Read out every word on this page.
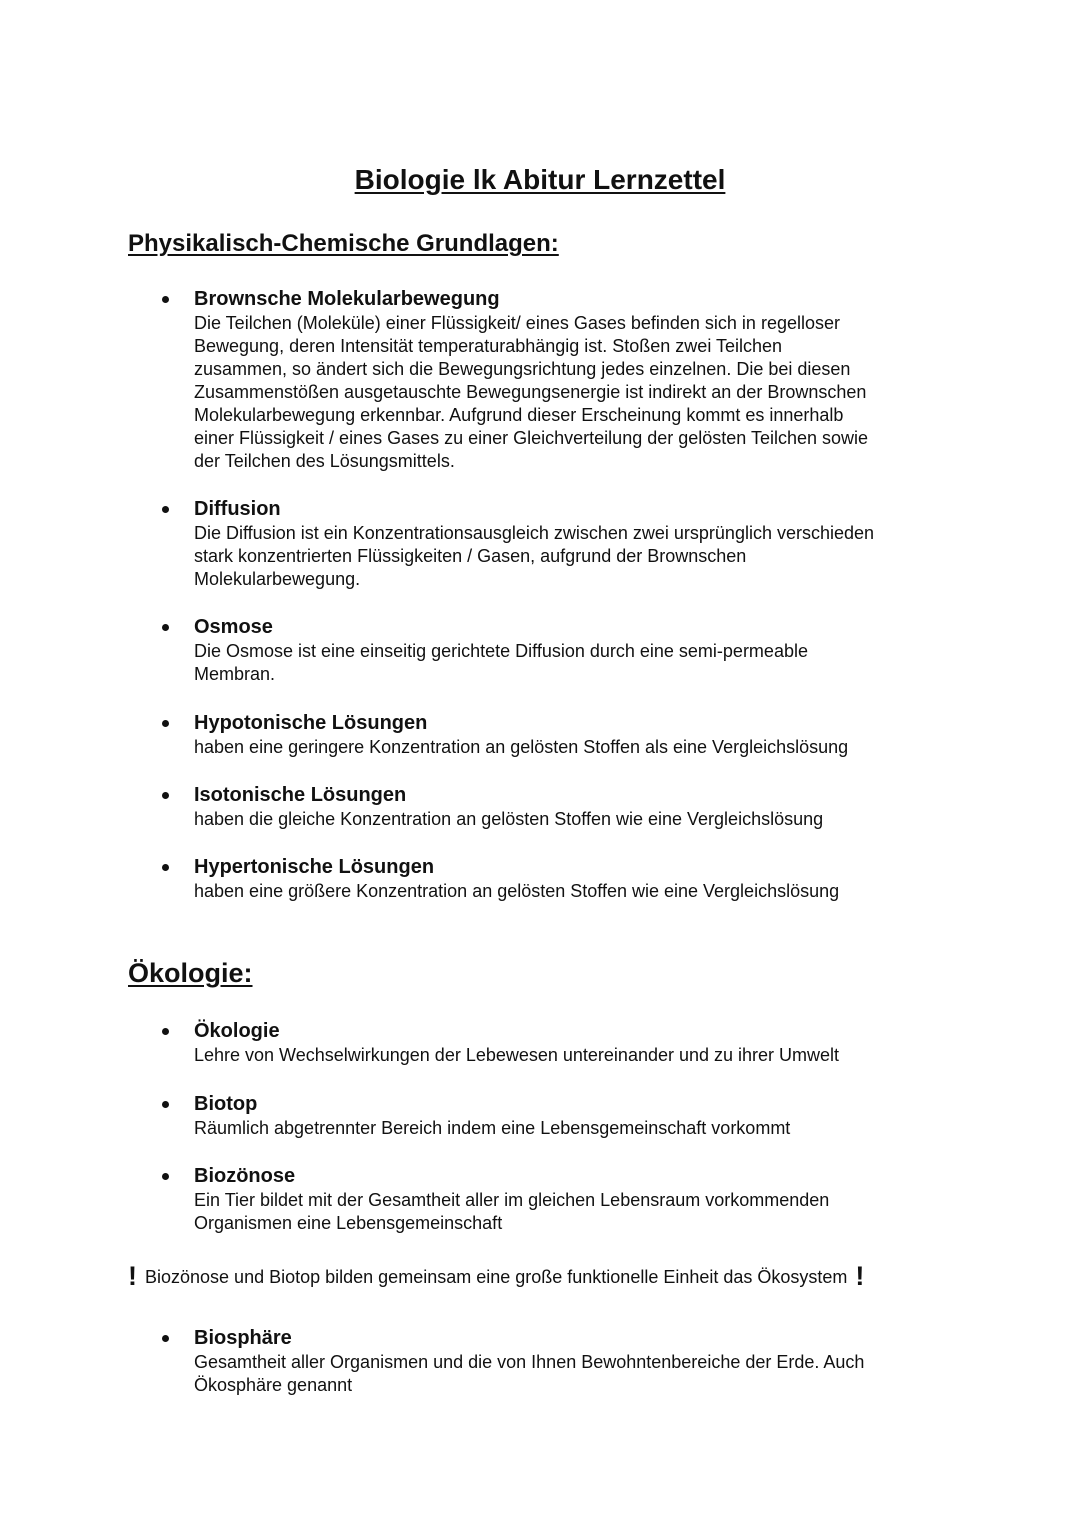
Biologie lk Abitur Lernzettel
Physikalisch-Chemische Grundlagen:
Brownsche Molekularbewegung
Die Teilchen (Moleküle) einer Flüssigkeit/ eines Gases befinden sich in regelloser
Bewegung, deren Intensität temperaturabhängig ist. Stoßen zwei Teilchen
zusammen, so ändert sich die Bewegungsrichtung jedes einzelnen. Die bei diesen
Zusammenstößen ausgetauschte Bewegungsenergie ist indirekt an der Brownschen
Molekularbewegung erkennbar. Aufgrund dieser Erscheinung kommt es innerhalb
einer Flüssigkeit / eines Gases zu einer Gleichverteilung der gelösten Teilchen sowie
der Teilchen des Lösungsmittels.
Diffusion
Die Diffusion ist ein Konzentrationsausgleich zwischen zwei ursprünglich verschieden
stark konzentrierten Flüssigkeiten / Gasen, aufgrund der Brownschen
Molekularbewegung.
Osmose
Die Osmose ist eine einseitig gerichtete Diffusion durch eine semi-permeable
Membran.
Hypotonische Lösungen
haben eine geringere Konzentration an gelösten Stoffen als eine Vergleichslösung
Isotonische Lösungen
haben die gleiche Konzentration an gelösten Stoffen wie eine Vergleichslösung
Hypertonische Lösungen
haben eine größere Konzentration an gelösten Stoffen wie eine Vergleichslösung
Ökologie:
Ökologie
Lehre von Wechselwirkungen der Lebewesen untereinander und zu ihrer Umwelt
Biotop
Räumlich abgetrennter Bereich indem eine Lebensgemeinschaft vorkommt
Biozönose
Ein Tier bildet mit der Gesamtheit aller im gleichen Lebensraum vorkommenden
Organismen eine Lebensgemeinschaft
! Biozönose und Biotop bilden gemeinsam eine große funktionelle Einheit das Ökosystem !
Biosphäre
Gesamtheit aller Organismen und die von Ihnen Bewohntenbereiche der Erde. Auch
Ökosphäre genannt
